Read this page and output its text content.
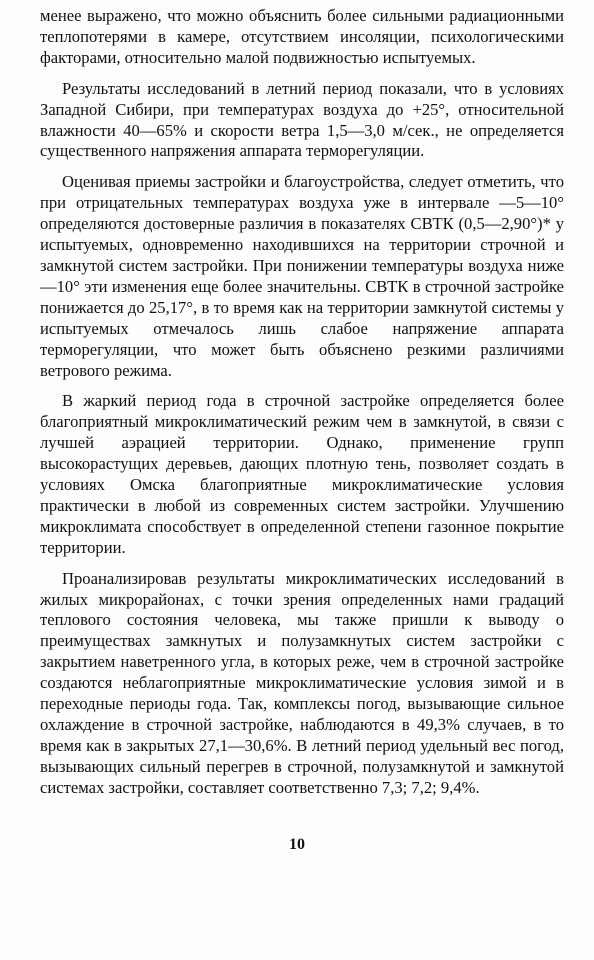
менее выражено, что можно объяснить более сильными радиационными теплопотерями в камере, отсутствием инсоляции, психологическими факторами, относительно малой подвижностью испытуемых.

Результаты исследований в летний период показали, что в условиях Западной Сибири, при температурах воздуха до +25°, относительной влажности 40—65% и скорости ветра 1,5—3,0 м/сек., не определяется существенного напряжения аппарата терморегуляции.

Оценивая приемы застройки и благоустройства, следует отметить, что при отрицательных температурах воздуха уже в интервале —5—10° определяются достоверные различия в показателях СВТК (0,5—2,90°)* у испытуемых, одновременно находившихся на территории строчной и замкнутой систем застройки. При понижении температуры воздуха ниже —10° эти изменения еще более значительны. СВТК в строчной застройке понижается до 25,17°, в то время как на территории замкнутой системы у испытуемых отмечалось лишь слабое напряжение аппарата терморегуляции, что может быть объяснено резкими различиями ветрового режима.

В жаркий период года в строчной застройке определяется более благоприятный микроклиматический режим чем в замкнутой, в связи с лучшей аэрацией территории. Однако, применение групп высокорастущих деревьев, дающих плотную тень, позволяет создать в условиях Омска благоприятные микроклиматические условия практически в любой из современных систем застройки. Улучшению микроклимата способствует в определенной степени газонное покрытие территории.

Проанализировав результаты микроклиматических исследований в жилых микрорайонах, с точки зрения определенных нами градаций теплового состояния человека, мы также пришли к выводу о преимуществах замкнутых и полузамкнутых систем застройки с закрытием наветренного угла, в которых реже, чем в строчной застройке создаются неблагоприятные микроклиматические условия зимой и в переходные периоды года. Так, комплексы погод, вызывающие сильное охлаждение в строчной застройке, наблюдаются в 49,3% случаев, в то время как в закрытых 27,1—30,6%. В летний период удельный вес погод, вызывающих сильный перегрев в строчной, полузамкнутой и замкнутой системах застройки, составляет соответственно 7,3; 7,2; 9,4%.

10
